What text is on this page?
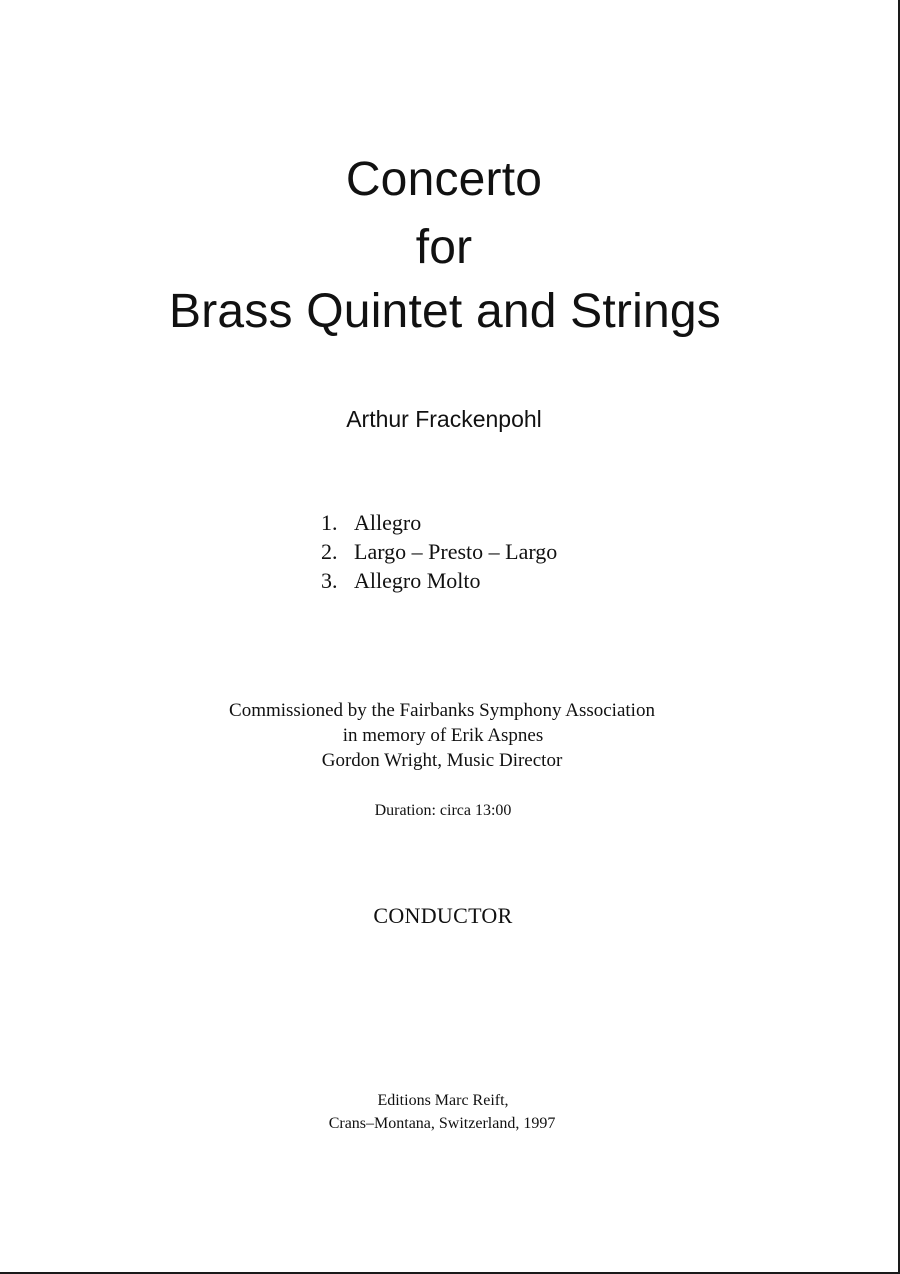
Concerto
for
Brass Quintet and Strings
Arthur Frackenpohl
1. Allegro
2. Largo – Presto – Largo
3. Allegro Molto
Commissioned by the Fairbanks Symphony Association
in memory of Erik Aspnes
Gordon Wright, Music Director
Duration: circa 13:00
CONDUCTOR
Editions Marc Reift,
Crans–Montana, Switzerland, 1997
